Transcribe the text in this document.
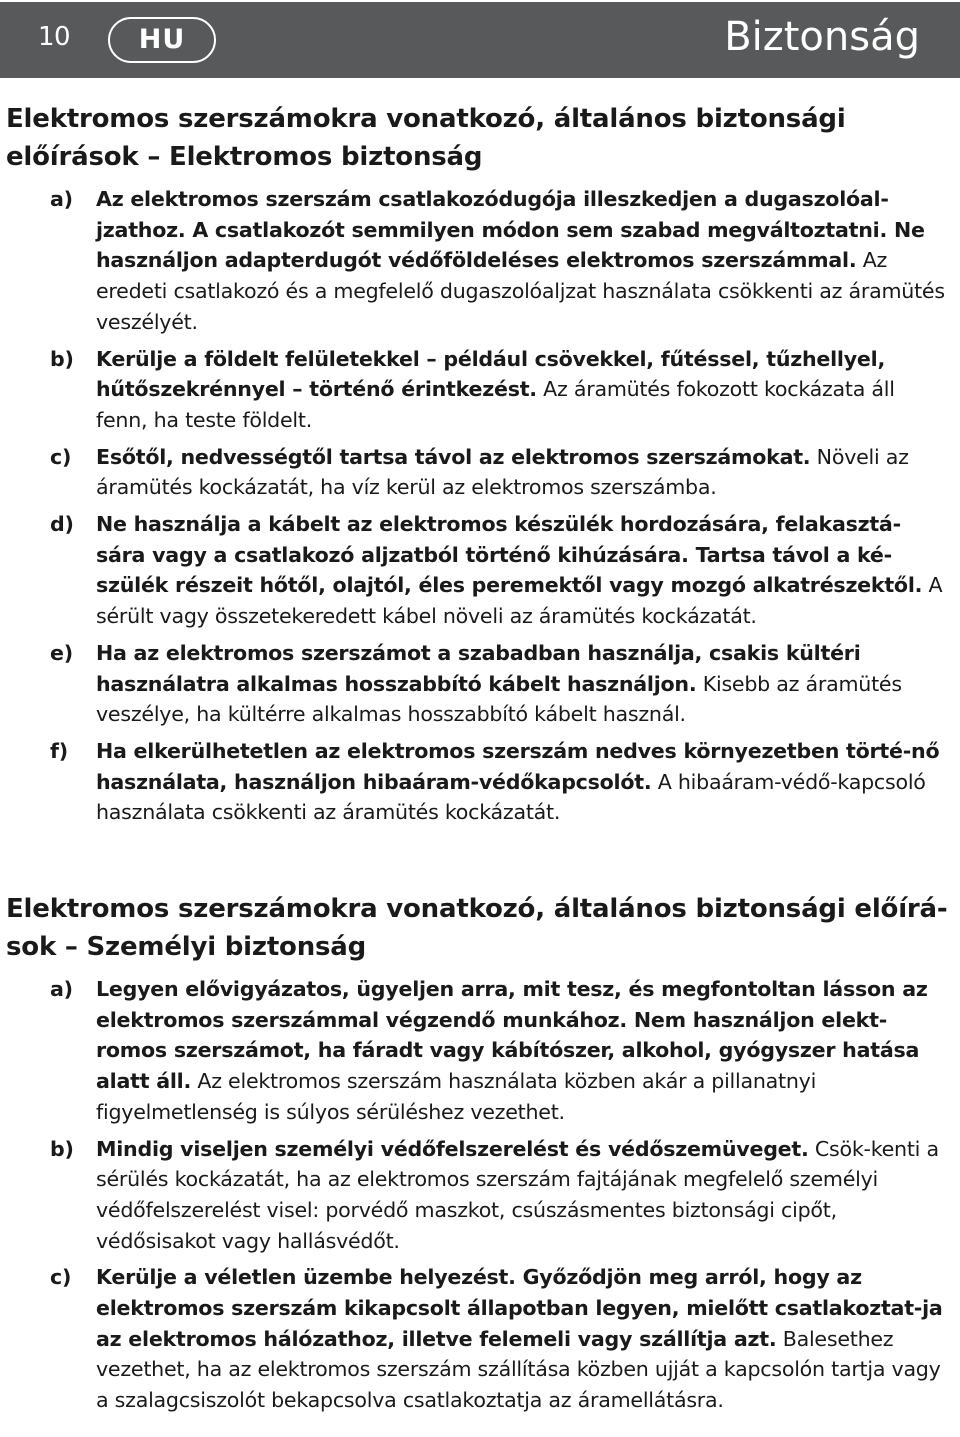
10	HU	Biztonság
Elektromos szerszámokra vonatkozó, általános biztonsági előírások – Elektromos biztonság
a) Az elektromos szerszám csatlakozódugója illeszkedjen a dugaszolóal-jzathoz. A csatlakozót semmilyen módon sem szabad megváltoztatni. Ne használjon adapterdugót védőföldeléses elektromos szerszámmal. Az eredeti csatlakozó és a megfelelő dugaszolóaljzat használata csökkenti az áramütés veszélyét.
b) Kerülje a földelt felületekkel – például csövekkel, fűtéssel, tűzhellyel, hűtőszekrénnyel – történő érintkezést. Az áramütés fokozott kockázata áll fenn, ha teste földelt.
c) Esőtől, nedvességtől tartsa távol az elektromos szerszámokat. Növeli az áramütés kockázatát, ha víz kerül az elektromos szerszámba.
d) Ne használja a kábelt az elektromos készülék hordozására, felakasztá-sára vagy a csatlakozó aljzatból történő kihúzására. Tartsa távol a ké-szülék részeit hőtől, olajtól, éles peremektől vagy mozgó alkatrészektől. A sérült vagy összetekeredett kábel növeli az áramütés kockázatát.
e) Ha az elektromos szerszámot a szabadban használja, csakis kültéri használatra alkalmas hosszabbító kábelt használjon. Kisebb az áramütés veszélye, ha kültérre alkalmas hosszabbító kábelt használ.
f) Ha elkerülhetetlen az elektromos szerszám nedves környezetben törté-nő használata, használjon hibaáram-védőkapcsolót. A hibaáram-védő-kapcsoló használata csökkenti az áramütés kockázatát.
Elektromos szerszámokra vonatkozó, általános biztonsági előírá-sok – Személyi biztonság
a) Legyen elővigyázatos, ügyeljen arra, mit tesz, és megfontoltan lásson az elektromos szerszámmal végzendő munkához. Nem használjon elekt-romos szerszámot, ha fáradt vagy kábítószer, alkohol, gyógyszer hatása alatt áll. Az elektromos szerszám használata közben akár a pillanatnyi figyelmetlenség is súlyos sérüléshez vezethet.
b) Mindig viseljen személyi védőfelszerelést és védőszemüveget. Csök-kenti a sérülés kockázatát, ha az elektromos szerszám fajtájának megfelelő személyi védőfelszerelést visel: porvédő maszkot, csúszásmentes biztonsági cipőt, védősisakot vagy hallásvédőt.
c) Kerülje a véletlen üzembe helyezést. Győződjön meg arról, hogy az elektromos szerszám kikapcsolt állapotban legyen, mielőtt csatlakoztat-ja az elektromos hálózathoz, illetve felemeli vagy szállítja azt. Balesethez vezethet, ha az elektromos szerszám szállítása közben ujját a kapcsolón tartja vagy a szalagcsiszolót bekapcsolva csatlakoztatja az áramellátásra.
